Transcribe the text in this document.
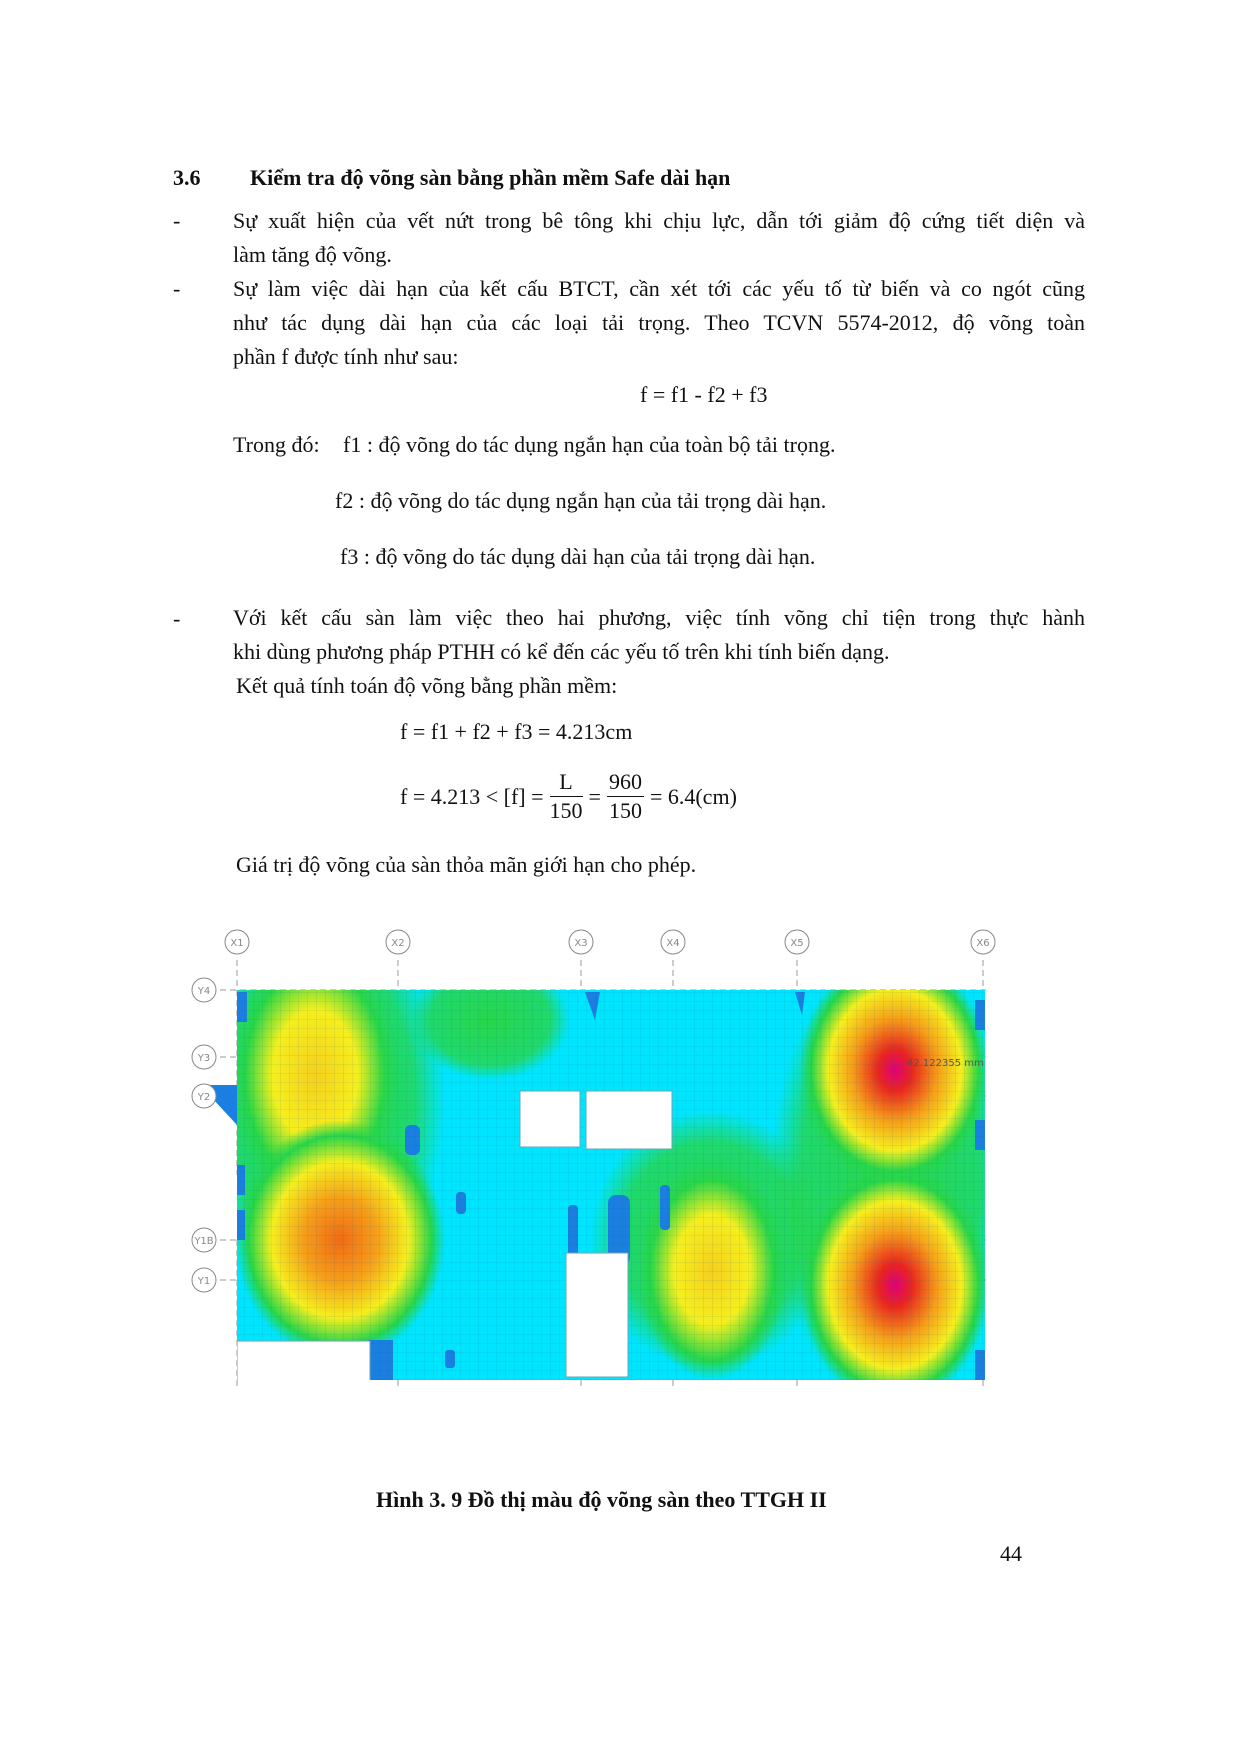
3.6 Kiểm tra độ võng sàn bằng phần mềm Safe dài hạn
- Sự xuất hiện của vết nứt trong bê tông khi chịu lực, dẫn tới giảm độ cứng tiết diện và
làm tăng độ võng.
- Sự làm việc dài hạn của kết cấu BTCT, cần xét tới các yếu tố từ biến và co ngót cũng
như tác dụng dài hạn của các loại tải trọng. Theo TCVN 5574-2012, độ võng toàn
phần f được tính như sau:
f = f1 - f2 + f3
Trong đó: f1 : độ võng do tác dụng ngắn hạn của toàn bộ tải trọng.
f2 : độ võng do tác dụng ngắn hạn của tải trọng dài hạn.
f3 : độ võng do tác dụng dài hạn của tải trọng dài hạn.
- Với kết cấu sàn làm việc theo hai phương, việc tính võng chỉ tiện trong thực hành
khi dùng phương pháp PTHH có kể đến các yếu tố trên khi tính biến dạng.
Kết quả tính toán độ võng bằng phần mềm:
f = f1 + f2 + f3 = 4.213cm
$f = 4.213 < [f] = \frac{L}{150} = \frac{960}{150} = 6.4(cm)$
Giá trị độ võng của sàn thỏa mãn giới hạn cho phép.
42.122355 mm
X1	X2	X3	X4	X5	X6
Y4
Y3
Y2
Y1B
Y1
Hình 3. 9 Đồ thị màu độ võng sàn theo TTGH II
44
